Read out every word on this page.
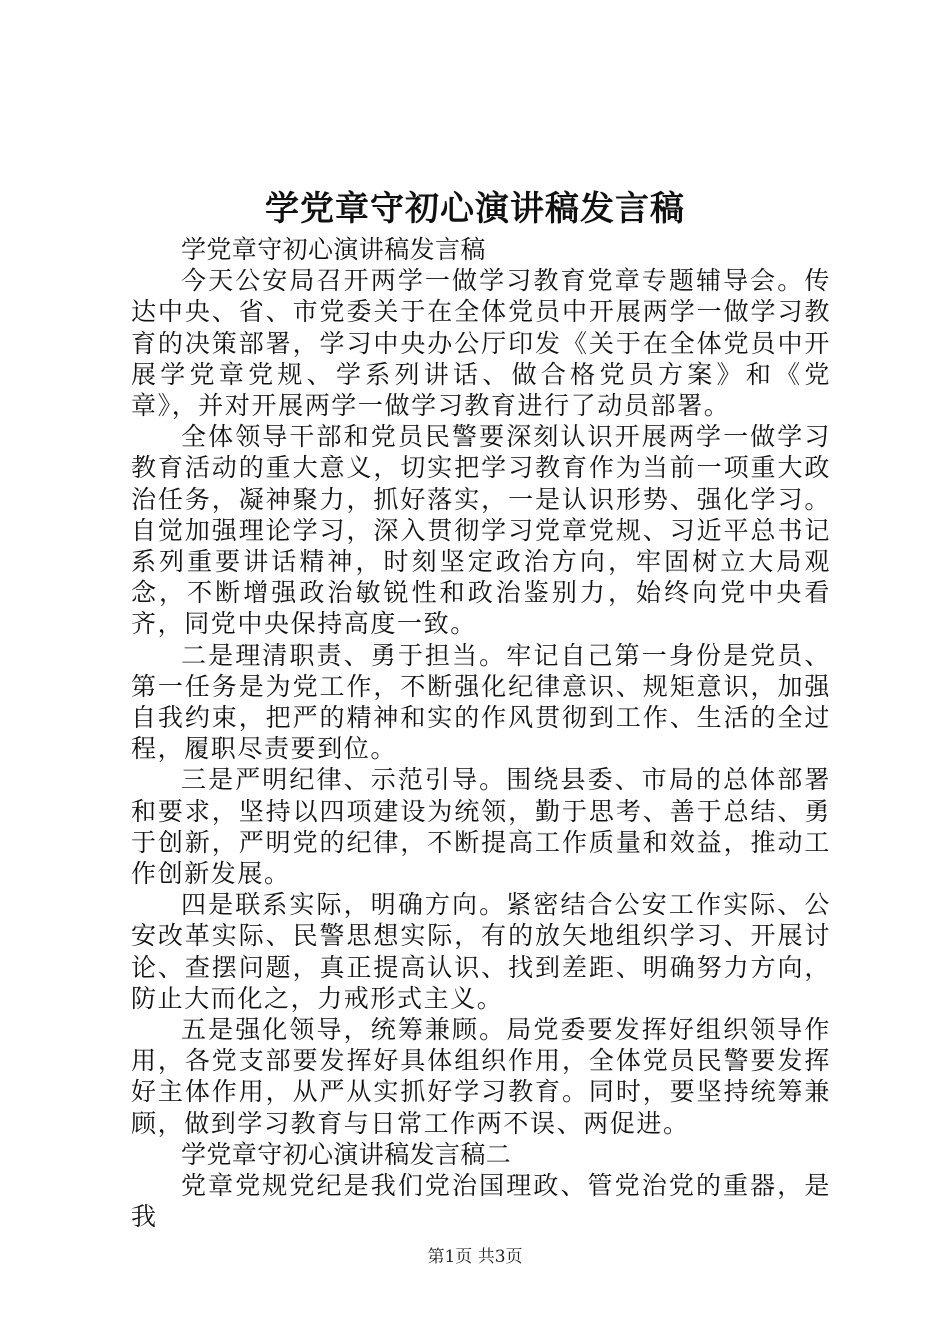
学党章守初心演讲稿发言稿

学党章守初心演讲稿发言稿

今天公安局召开两学一做学习教育党章专题辅导会。传达中央、省、市党委关于在全体党员中开展两学一做学习教育的决策部署，学习中央办公厅印发《关于在全体党员中开展学党章党规、学系列讲话、做合格党员方案》和《党章》，并对开展两学一做学习教育进行了动员部署。

全体领导干部和党员民警要深刻认识开展两学一做学习教育活动的重大意义，切实把学习教育作为当前一项重大政治任务，凝神聚力，抓好落实，一是认识形势、强化学习。自觉加强理论学习，深入贯彻学习党章党规、习近平总书记系列重要讲话精神，时刻坚定政治方向，牢固树立大局观念，不断增强政治敏锐性和政治鉴别力，始终向党中央看齐，同党中央保持高度一致。

二是理清职责、勇于担当。牢记自己第一身份是党员、第一任务是为党工作，不断强化纪律意识、规矩意识，加强自我约束，把严的精神和实的作风贯彻到工作、生活的全过程，履职尽责要到位。

三是严明纪律、示范引导。围绕县委、市局的总体部署和要求，坚持以四项建设为统领，勤于思考、善于总结、勇于创新，严明党的纪律，不断提高工作质量和效益，推动工作创新发展。

四是联系实际，明确方向。紧密结合公安工作实际、公安改革实际、民警思想实际，有的放矢地组织学习、开展讨论、查摆问题，真正提高认识、找到差距、明确努力方向，防止大而化之，力戒形式主义。

五是强化领导，统筹兼顾。局党委要发挥好组织领导作用，各党支部要发挥好具体组织作用，全体党员民警要发挥好主体作用，从严从实抓好学习教育。同时，要坚持统筹兼顾，做到学习教育与日常工作两不误、两促进。

学党章守初心演讲稿发言稿二

党章党规党纪是我们党治国理政、管党治党的重器，是我

第1页 共3页
